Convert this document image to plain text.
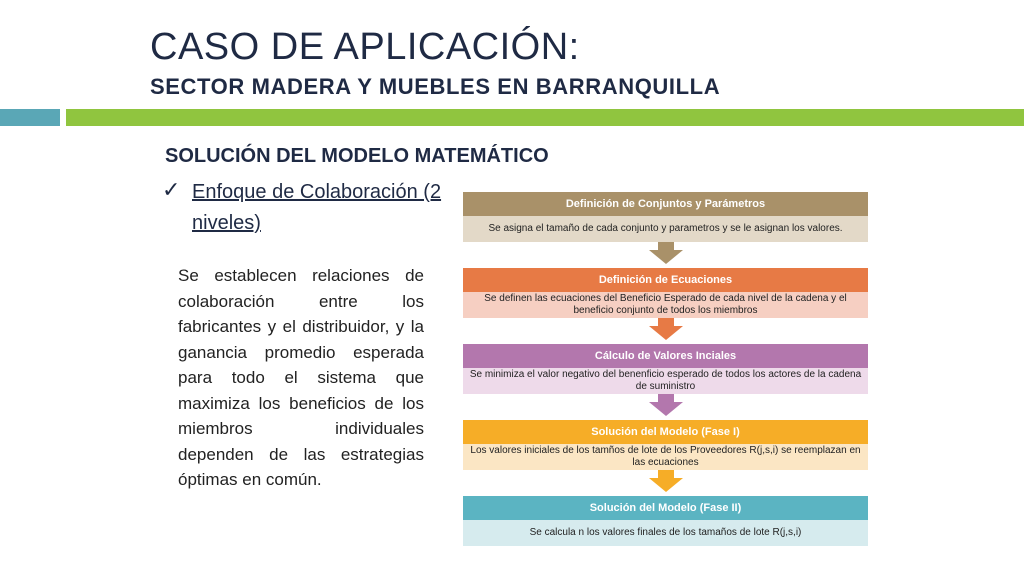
CASO DE APLICACIÓN:
SECTOR MADERA Y MUEBLES EN BARRANQUILLA
SOLUCIÓN DEL MODELO MATEMÁTICO
✓ Enfoque de Colaboración (2 niveles)
Se establecen relaciones de colaboración entre los fabricantes y el distribuidor, y la ganancia promedio esperada para todo el sistema que maximiza los beneficios de los miembros individuales dependen de las estrategias óptimas en común.
Definición de Conjuntos y Parámetros
Se asigna el tamaño de cada conjunto y parametros y se le asignan los valores.
Definición de Ecuaciones
Se definen las ecuaciones del Beneficio Esperado de cada nivel de la cadena y el beneficio conjunto de todos los miembros
Cálculo de Valores Inciales
Se minimiza el valor negativo del benenficio esperado de todos los actores de la cadena de suministro
Solución del Modelo (Fase I)
Los valores iniciales de los tamños de lote de los Proveedores R(j,s,i) se reemplazan en las ecuaciones
Solución del Modelo (Fase II)
Se calcula n los valores finales de los tamaños de lote R(j,s,i)
